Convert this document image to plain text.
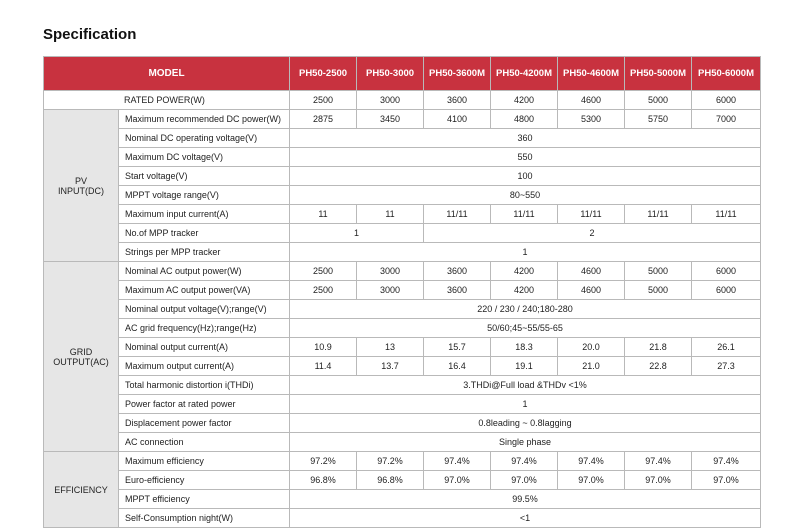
Specification
MODEL		PH50-2500	PH50-3000	PH50-3600M	PH50-4200M	PH50-4600M	PH50-5000M	PH50-6000M
RATED POWER(W)		2500	3000	3600	4200	4600	5000	6000

PV
INPUT(DC)	Maximum recommended DC power(W)	2875	3450	4100	4800	5300	5750	7000
	Nominal DC operating voltage(V)	360						
	Maximum DC voltage(V)	550						
	Start voltage(V)	100						
	MPPT voltage range(V)	80~550						
	Maximum input current(A)	11	11	11/11	11/11	11/11	11/11	11/11
	No.of MPP tracker	1		2				
	Strings per MPP tracker	1						

GRID
OUTPUT(AC)	Nominal AC output power(W)	2500	3000	3600	4200	4600	5000	6000
	Maximum AC output power(VA)	2500	3000	3600	4200	4600	5000	6000
	Nominal output voltage(V);range(V)	220 / 230 / 240;180-280						
	AC grid frequency(Hz);range(Hz)	50/60;45~55/55-65						
	Nominal output current(A)	10.9	13	15.7	18.3	20.0	21.8	26.1
	Maximum output current(A)	11.4	13.7	16.4	19.1	21.0	22.8	27.3
	Total harmonic distortion i(THDi)	3.THDi@Full load &THDv <1%						
	Power factor at rated power	1						
	Displacement power factor	0.8leading ~ 0.8lagging						
	AC connection	Single phase						

EFFICIENCY	Maximum efficiency	97.2%	97.2%	97.4%	97.4%	97.4%	97.4%	97.4%
	Euro-efficiency	96.8%	96.8%	97.0%	97.0%	97.0%	97.0%	97.0%
	MPPT efficiency	99.5%						
	Self-Consumption night(W)	<1						
